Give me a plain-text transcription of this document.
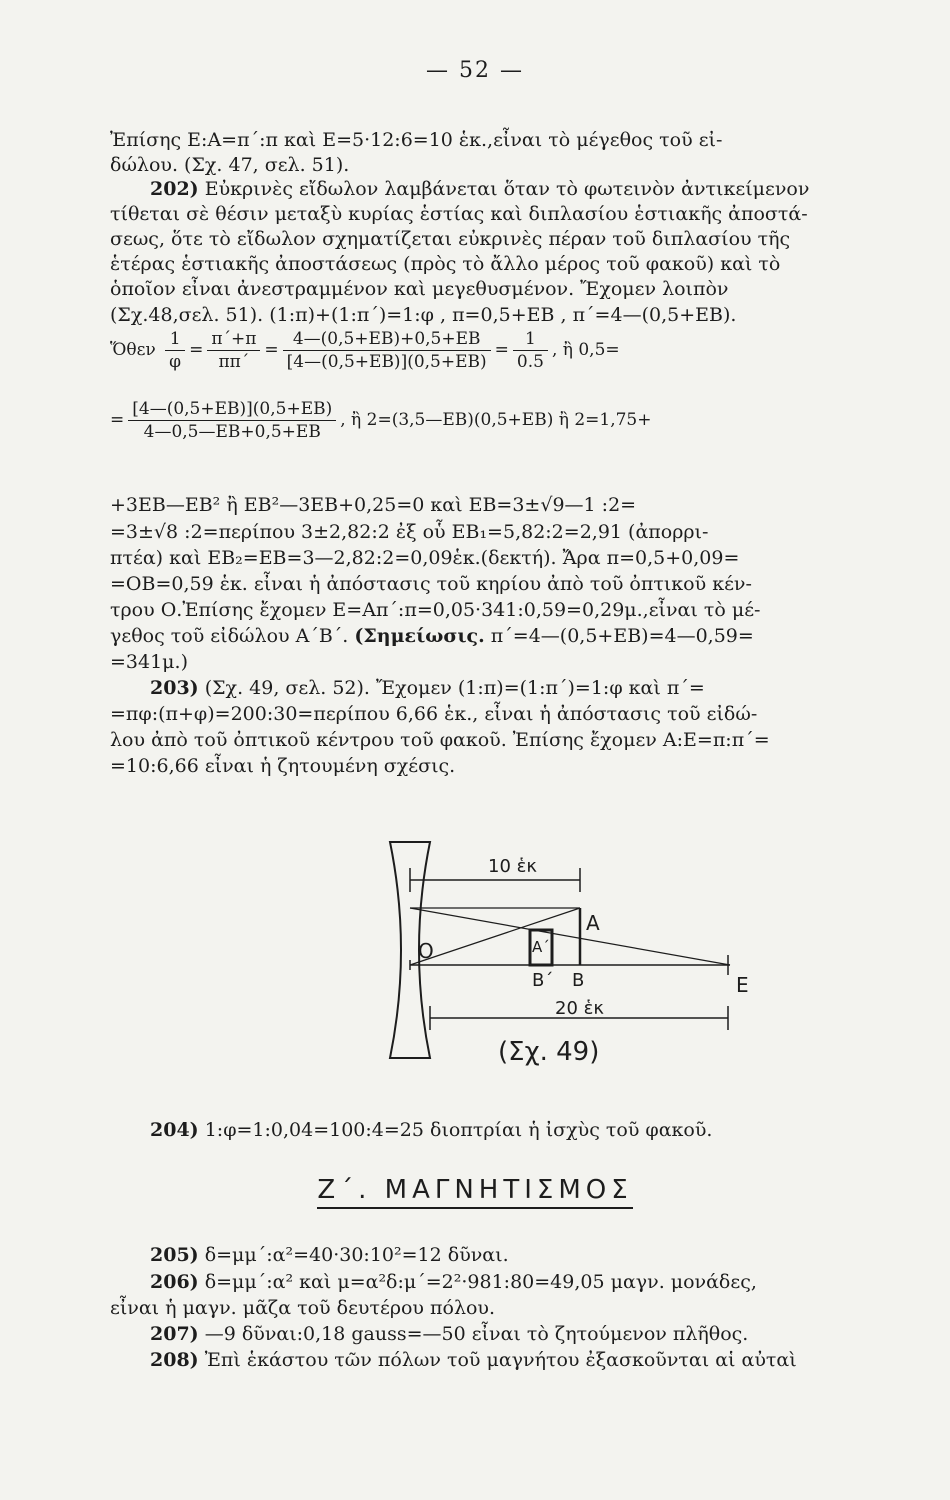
— 52 —
Ἐπίσης Ε:Α=π΄:π καὶ Ε=5·12:6=10 ἑκ.,εἶναι τὸ μέγεθος τοῦ εἰ-
δώλου. (Σχ. 47, σελ. 51).
202) Εὐκρινὲς εἴδωλον λαμβάνεται ὅταν τὸ φωτεινὸν ἀντικείμενον
τίθεται σὲ θέσιν μεταξὺ κυρίας ἑστίας καὶ διπλασίου ἑστιακῆς ἀποστά-
σεως, ὅτε τὸ εἴδωλον σχηματίζεται εὐκρινὲς πέραν τοῦ διπλασίου τῆς
ἑτέρας ἑστιακῆς ἀποστάσεως (πρὸς τὸ ἄλλο μέρος τοῦ φακοῦ) καὶ τὸ
ὁποῖον εἶναι ἀνεστραμμένον καὶ μεγεθυσμένον. Ἔχομεν λοιπὸν
(Σχ.48,σελ. 51). (1:π)+(1:π΄)=1:φ , π=0,5+ΕΒ , π΄=4—(0,5+ΕΒ).
Ὅθεν $\frac{1}{\varphi} = \frac{\pi΄+\pi}{\pi\pi΄} = \frac{4—(0,5+EB)+0,5+EB}{[4—(0,5+EB)](0,5+EB)} = \frac{1}{0.5}$ , ἢ 0,5=
= $\frac{[4—(0,5+EB)](0,5+EB)}{4—0,5—EB+0,5+EB}$ , ἢ 2=(3,5—ΕΒ)(0,5+ΕΒ) ἢ 2=1,75+
+3ΕΒ—ΕΒ² ἢ ΕΒ²—3ΕΒ+0,25=0 καὶ ΕΒ=3±√9—1 :2=
=3±√8 :2=περίπου 3±2,82:2 ἐξ οὗ ΕΒ₁=5,82:2=2,91 (ἀπορρι-
πτέα) καὶ ΕΒ₂=ΕΒ=3—2,82:2=0,09ἑκ.(δεκτή). Ἄρα π=0,5+0,09=
=ΟΒ=0,59 ἑκ. εἶναι ἡ ἀπόστασις τοῦ κηρίου ἀπὸ τοῦ ὀπτικοῦ κέν-
τρου Ο.Ἐπίσης ἔχομεν Ε=Απ΄:π=0,05·341:0,59=0,29μ.,εἶναι τὸ μέ-
γεθος τοῦ εἰδώλου Α΄Β΄. (Σημείωσις. π΄=4—(0,5+ΕΒ)=4—0,59=
=341μ.)
203) (Σχ. 49, σελ. 52). Ἔχομεν (1:π)=(1:π΄)=1:φ καὶ π΄=
=πφ:(π+φ)=200:30=περίπου 6,66 ἑκ., εἶναι ἡ ἀπόστασις τοῦ εἰδώ-
λου ἀπὸ τοῦ ὀπτικοῦ κέντρου τοῦ φακοῦ. Ἐπίσης ἔχομεν Α:Ε=π:π΄=
=10:6,66 εἶναι ἡ ζητουμένη σχέσις.
10 ἑκ
O
A
A΄
B΄ B	E
20 ἑκ
(Σχ. 49)
204) 1:φ=1:0,04=100:4=25 διοπτρίαι ἡ ἰσχὺς τοῦ φακοῦ.
Ζ΄. ΜΑΓΝΗΤΙΣΜΟΣ
205) δ=μμ΄:α²=40·30:10²=12 δῦναι.
206) δ=μμ΄:α² καὶ μ=α²δ:μ΄=2²·981:80=49,05 μαγν. μονάδες,
εἶναι ἡ μαγν. μᾶζα τοῦ δευτέρου πόλου.
207) —9 δῦναι:0,18 gauss=—50 εἶναι τὸ ζητούμενον πλῆθος.
208) Ἐπὶ ἑκάστου τῶν πόλων τοῦ μαγνήτου ἐξασκοῦνται αἱ αὐταὶ
